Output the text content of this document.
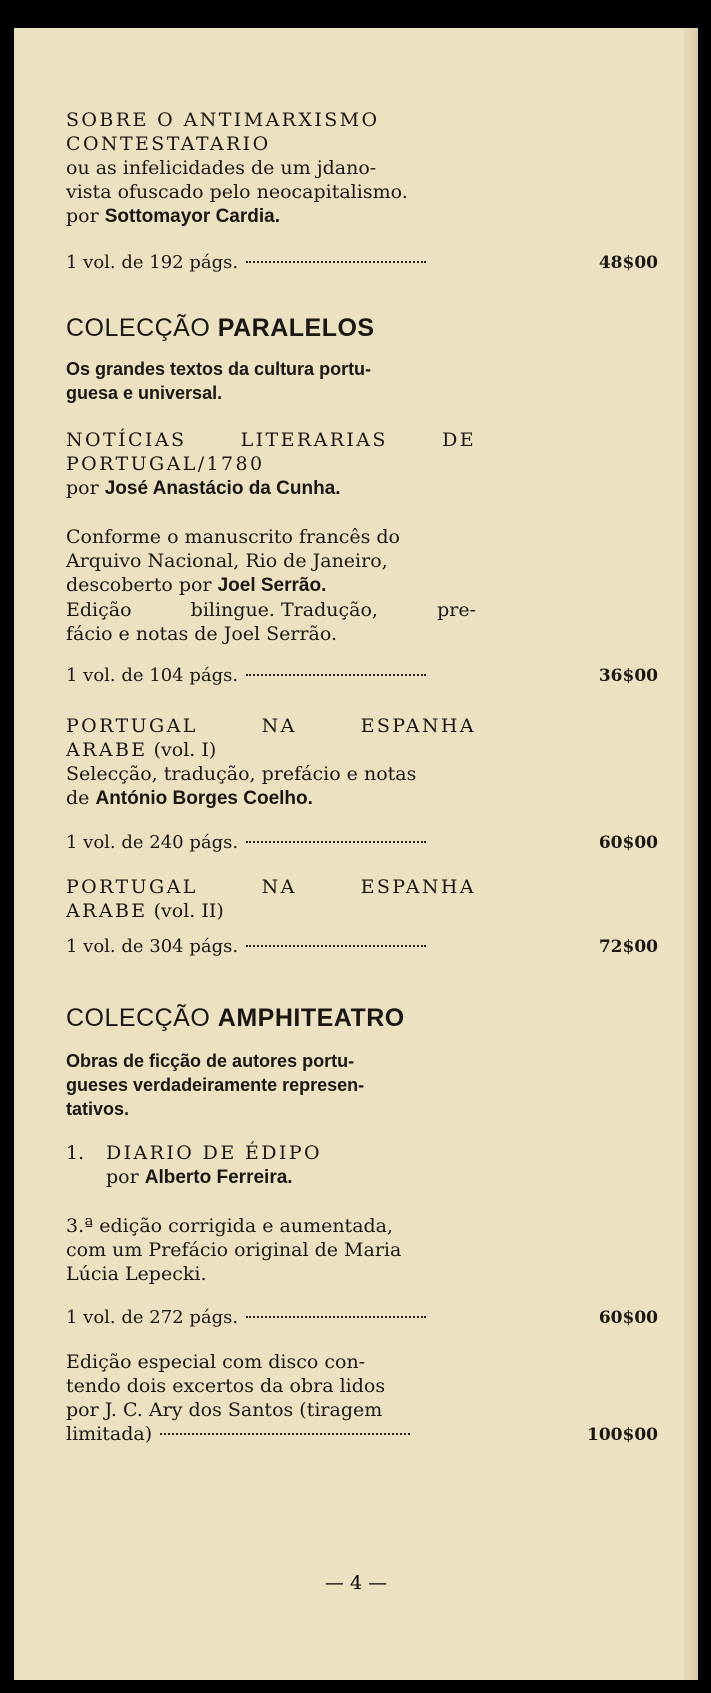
SOBRE O ANTIMARXISMO
CONTESTATARIO
ou as infelicidades de um jdano-
vista ofuscado pelo neocapitalismo.
por Sottomayor Cardia.
1 vol. de 192 págs.	48$00
COLECÇÃO PARALELOS
Os grandes textos da cultura portu-
guesa e universal.
NOTÍCIAS	LITERARIAS	DE
PORTUGAL/1780
por José Anastácio da Cunha.
Conforme o manuscrito francês do
Arquivo Nacional, Rio de Janeiro,
descoberto por Joel Serrão.
Edição	bilingue. Tradução,	pre-
fácio e notas de Joel Serrão.
1 vol. de 104 págs.	36$00
PORTUGAL	NA	ESPANHA
ARABE (vol. I)
Selecção, tradução, prefácio e notas
de António Borges Coelho.
1 vol. de 240 págs.	60$00
PORTUGAL	NA	ESPANHA
ARABE (vol. II)
1 vol. de 304 págs.	72$00
COLECÇÃO AMPHITEATRO
Obras de ficção de autores portu-
gueses verdadeiramente represen-
tativos.
1.	DIARIO DE ÉDIPO
por Alberto Ferreira.
3.ª edição corrigida e aumentada,
com um Prefácio original de Maria
Lúcia Lepecki.
1 vol. de 272 págs.	60$00
Edição especial com disco con-
tendo dois excertos da obra lidos
por J. C. Ary dos Santos (tiragem
limitada)	100$00
— 4 —
